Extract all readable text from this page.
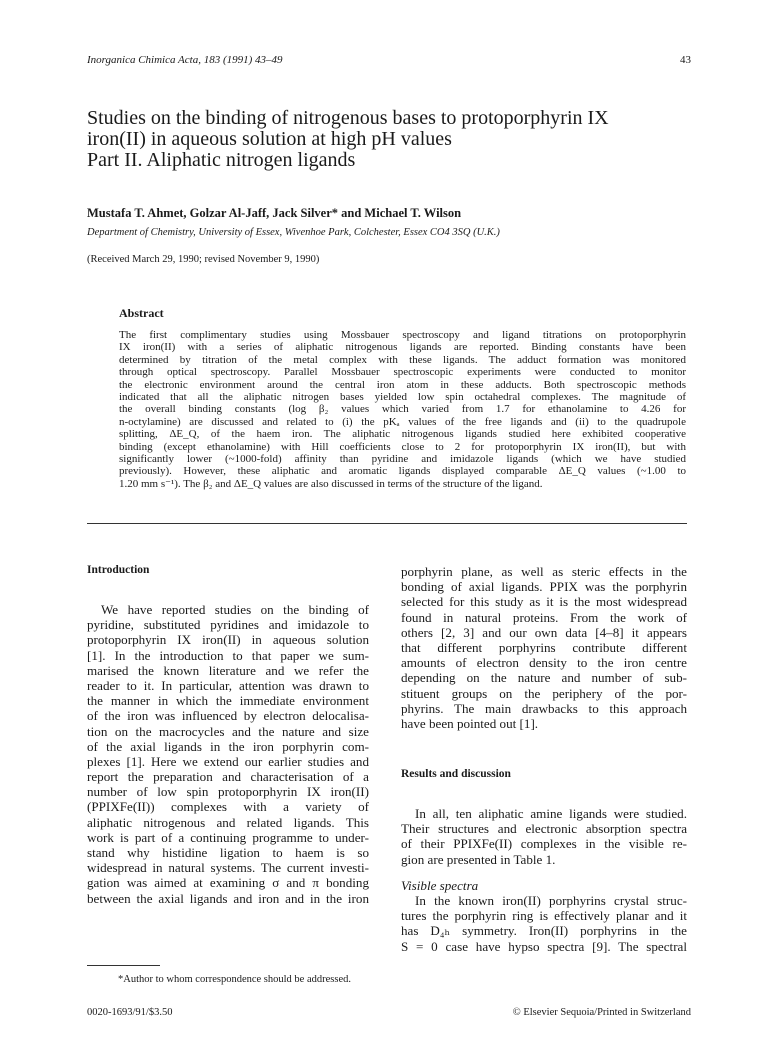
Inorganica Chimica Acta, 183 (1991) 43–49	43
Studies on the binding of nitrogenous bases to protoporphyrin IX
iron(II) in aqueous solution at high pH values
Part II. Aliphatic nitrogen ligands
Mustafa T. Ahmet, Golzar Al-Jaff, Jack Silver* and Michael T. Wilson
Department of Chemistry, University of Essex, Wivenhoe Park, Colchester, Essex CO4 3SQ (U.K.)
(Received March 29, 1990; revised November 9, 1990)
Abstract
The first complimentary studies using Mossbauer spectroscopy and ligand titrations on protoporphyrin
IX iron(II) with a series of aliphatic nitrogenous ligands are reported. Binding constants have been
determined by titration of the metal complex with these ligands. The adduct formation was monitored
through optical spectroscopy. Parallel Mossbauer spectroscopic experiments were conducted to monitor
the electronic environment around the central iron atom in these adducts. Both spectroscopic methods
indicated that all the aliphatic nitrogen bases yielded low spin octahedral complexes. The magnitude of
the overall binding constants (log β₂ values which varied from 1.7 for ethanolamine to 4.26 for
n-octylamine) are discussed and related to (i) the pKₐ values of the free ligands and (ii) to the quadrupole
splitting, ΔE_Q, of the haem iron. The aliphatic nitrogenous ligands studied here exhibited cooperative
binding (except ethanolamine) with Hill coefficients close to 2 for protoporphyrin IX iron(II), but with
significantly lower (~1000-fold) affinity than pyridine and imidazole ligands (which we have studied
previously). However, these aliphatic and aromatic ligands displayed comparable ΔE_Q values (~1.00 to
1.20 mm s⁻¹). The β₂ and ΔE_Q values are also discussed in terms of the structure of the ligand.
Introduction
We have reported studies on the binding of
pyridine, substituted pyridines and imidazole to
protoporphyrin IX iron(II) in aqueous solution
[1]. In the introduction to that paper we sum-
marised the known literature and we refer the
reader to it. In particular, attention was drawn to
the manner in which the immediate environment
of the iron was influenced by electron delocalisa-
tion on the macrocycles and the nature and size
of the axial ligands in the iron porphyrin com-
plexes [1]. Here we extend our earlier studies and
report the preparation and characterisation of a
number of low spin protoporphyrin IX iron(II)
(PPIXFe(II)) complexes with a variety of
aliphatic nitrogenous and related ligands. This
work is part of a continuing programme to under-
stand why histidine ligation to haem is so
widespread in natural systems. The current investi-
gation was aimed at examining σ and π bonding
between the axial ligands and iron and in the iron
porphyrin plane, as well as steric effects in the
bonding of axial ligands. PPIX was the porphyrin
selected for this study as it is the most widespread
found in natural proteins. From the work of
others [2, 3] and our own data [4–8] it appears
that different porphyrins contribute different
amounts of electron density to the iron centre
depending on the nature and number of sub-
stituent groups on the periphery of the por-
phyrins. The main drawbacks to this approach
have been pointed out [1].
Results and discussion
In all, ten aliphatic amine ligands were studied.
Their structures and electronic absorption spectra
of their PPIXFe(II) complexes in the visible re-
gion are presented in Table 1.
Visible spectra
In the known iron(II) porphyrins crystal struc-
tures the porphyrin ring is effectively planar and it
has D₄ₕ symmetry. Iron(II) porphyrins in the
S = 0 case have hypso spectra [9]. The spectral
*Author to whom correspondence should be addressed.
0020-1693/91/$3.50	© Elsevier Sequoia/Printed in Switzerland
